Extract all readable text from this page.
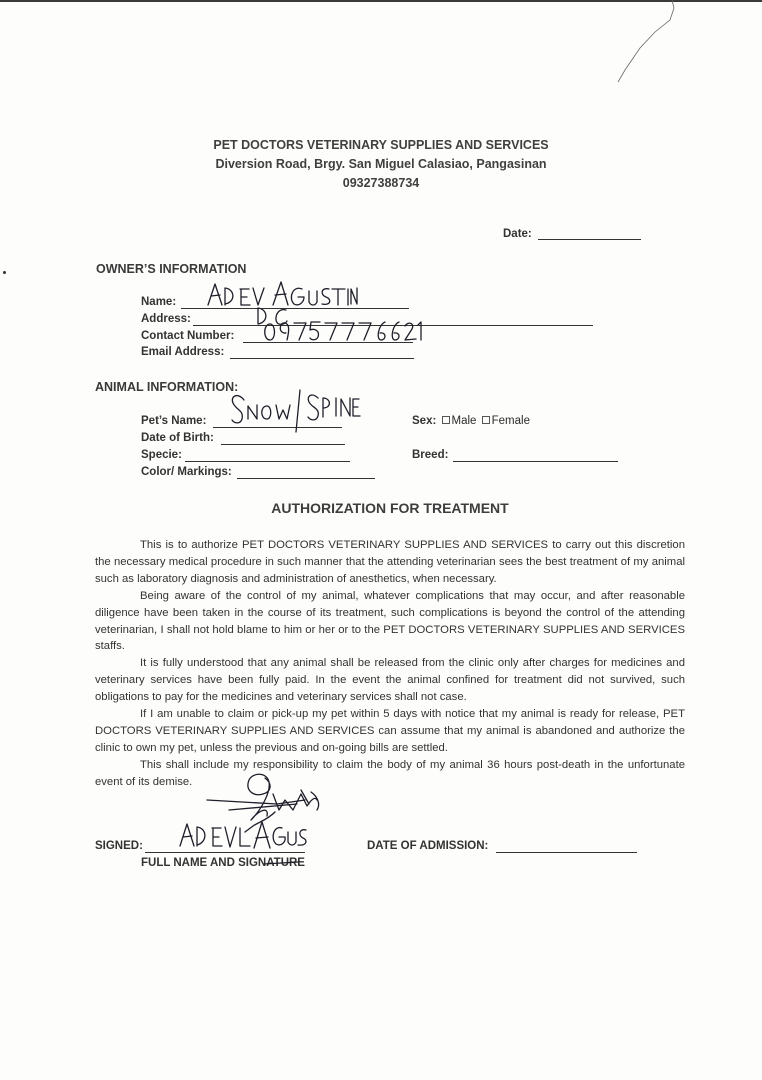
PET DOCTORS VETERINARY SUPPLIES AND SERVICES
Diversion Road, Brgy. San Miguel Calasiao, Pangasinan
09327388734
Date:
OWNER’S INFORMATION
Name:
Address:
Contact Number:
Email Address:
ANIMAL INFORMATION:
Pet’s Name:
Date of Birth:
Specie:
Color/ Markings:
Sex: Male Female
Breed:
AUTHORIZATION FOR TREATMENT

This is to authorize PET DOCTORS VETERINARY SUPPLIES AND SERVICES to carry out this discretion the necessary medical procedure in such manner that the attending veterinarian sees the best treatment of my animal such as laboratory diagnosis and administration of anesthetics, when necessary.

Being aware of the control of my animal, whatever complications that may occur, and after reasonable diligence have been taken in the course of its treatment, such complications is beyond the control of the attending veterinarian, I shall not hold blame to him or her or to the PET DOCTORS VETERINARY SUPPLIES AND SERVICES staffs.

It is fully understood that any animal shall be released from the clinic only after charges for medicines and veterinary services have been fully paid. In the event the animal confined for treatment did not survived, such obligations to pay for the medicines and veterinary services shall not case.

If I am unable to claim or pick-up my pet within 5 days with notice that my animal is ready for release, PET DOCTORS VETERINARY SUPPLIES AND SERVICES can assume that my animal is abandoned and authorize the clinic to own my pet, unless the previous and on-going bills are settled.

This shall include my responsibility to claim the body of my animal 36 hours post-death in the unfortunate event of its demise.

SIGNED:
FULL NAME AND SIGNATURE
DATE OF ADMISSION:
